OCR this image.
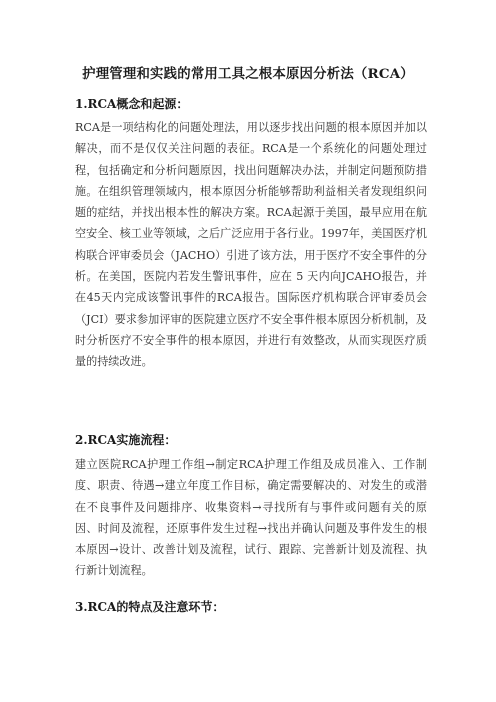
护理管理和实践的常用工具之根本原因分析法（RCA）
1.RCA概念和起源：

RCA是一项结构化的问题处理法，用以逐步找出问题的根本原因并加以解决，而不是仅仅关注问题的表征。RCA是一个系统化的问题处理过程，包括确定和分析问题原因，找出问题解决办法，并制定问题预防措施。在组织管理领域内，根本原因分析能够帮助利益相关者发现组织问题的症结，并找出根本性的解决方案。RCA起源于美国，最早应用在航空安全、核工业等领域，之后广泛应用于各行业。1997年，美国医疗机构联合评审委员会（JACHO）引进了该方法，用于医疗不安全事件的分析。在美国，医院内若发生警讯事件，应在 5 天内向JCAHO报告，并在45天内完成该警讯事件的RCA报告。国际医疗机构联合评审委员会（JCI）要求参加评审的医院建立医疗不安全事件根本原因分析机制，及时分析医疗不安全事件的根本原因，并进行有效整改，从而实现医疗质量的持续改进。

2.RCA实施流程：

建立医院RCA护理工作组→制定RCA护理工作组及成员准入、工作制度、职责、待遇→建立年度工作目标，确定需要解决的、对发生的或潜在不良事件及问题排序、收集资料→寻找所有与事件或问题有关的原因、时间及流程，还原事件发生过程→找出并确认问题及事件发生的根本原因→设计、改善计划及流程，试行、跟踪、完善新计划及流程、执行新计划流程。

3.RCA的特点及注意环节：
